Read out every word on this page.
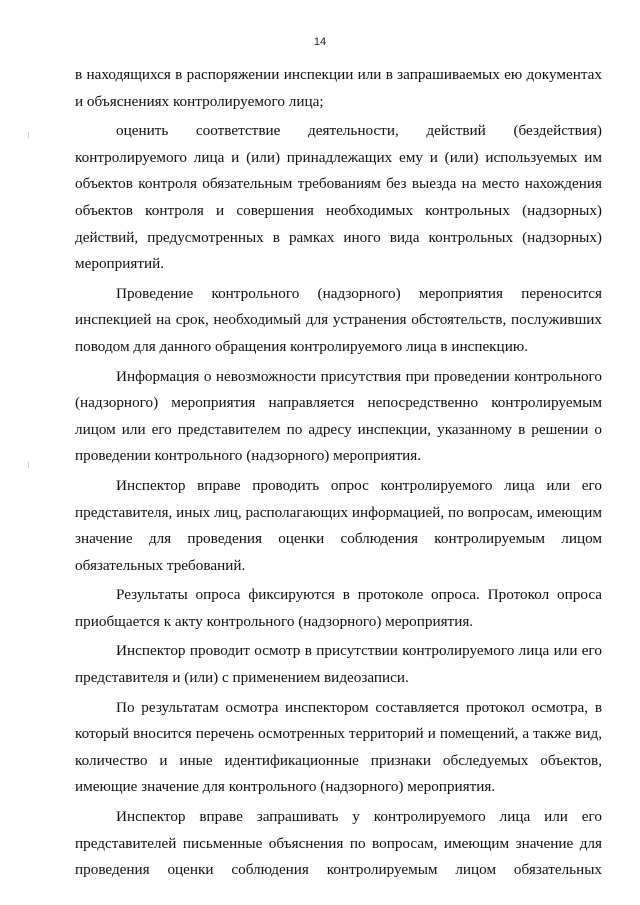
14

в находящихся в распоряжении инспекции или в запрашиваемых ею документах и объяснениях контролируемого лица;

оценить соответствие деятельности, действий (бездействия) контролируемого лица и (или) принадлежащих ему и (или) используемых им объектов контроля обязательным требованиям без выезда на место нахождения объектов контроля и совершения необходимых контрольных (надзорных) действий, предусмотренных в рамках иного вида контрольных (надзорных) мероприятий.

Проведение контрольного (надзорного) мероприятия переносится инспекцией на срок, необходимый для устранения обстоятельств, послуживших поводом для данного обращения контролируемого лица в инспекцию.

Информация о невозможности присутствия при проведении контрольного (надзорного) мероприятия направляется непосредственно контролируемым лицом или его представителем по адресу инспекции, указанному в решении о проведении контрольного (надзорного) мероприятия.

Инспектор вправе проводить опрос контролируемого лица или его представителя, иных лиц, располагающих информацией, по вопросам, имеющим значение для проведения оценки соблюдения контролируемым лицом обязательных требований.

Результаты опроса фиксируются в протоколе опроса. Протокол опроса приобщается к акту контрольного (надзорного) мероприятия.

Инспектор проводит осмотр в присутствии контролируемого лица или его представителя и (или) с применением видеозаписи.

По результатам осмотра инспектором составляется протокол осмотра, в который вносится перечень осмотренных территорий и помещений, а также вид, количество и иные идентификационные признаки обследуемых объектов, имеющие значение для контрольного (надзорного) мероприятия.

Инспектор вправе запрашивать у контролируемого лица или его представителей письменные объяснения по вопросам, имеющим значение для проведения оценки соблюдения контролируемым лицом обязательных
